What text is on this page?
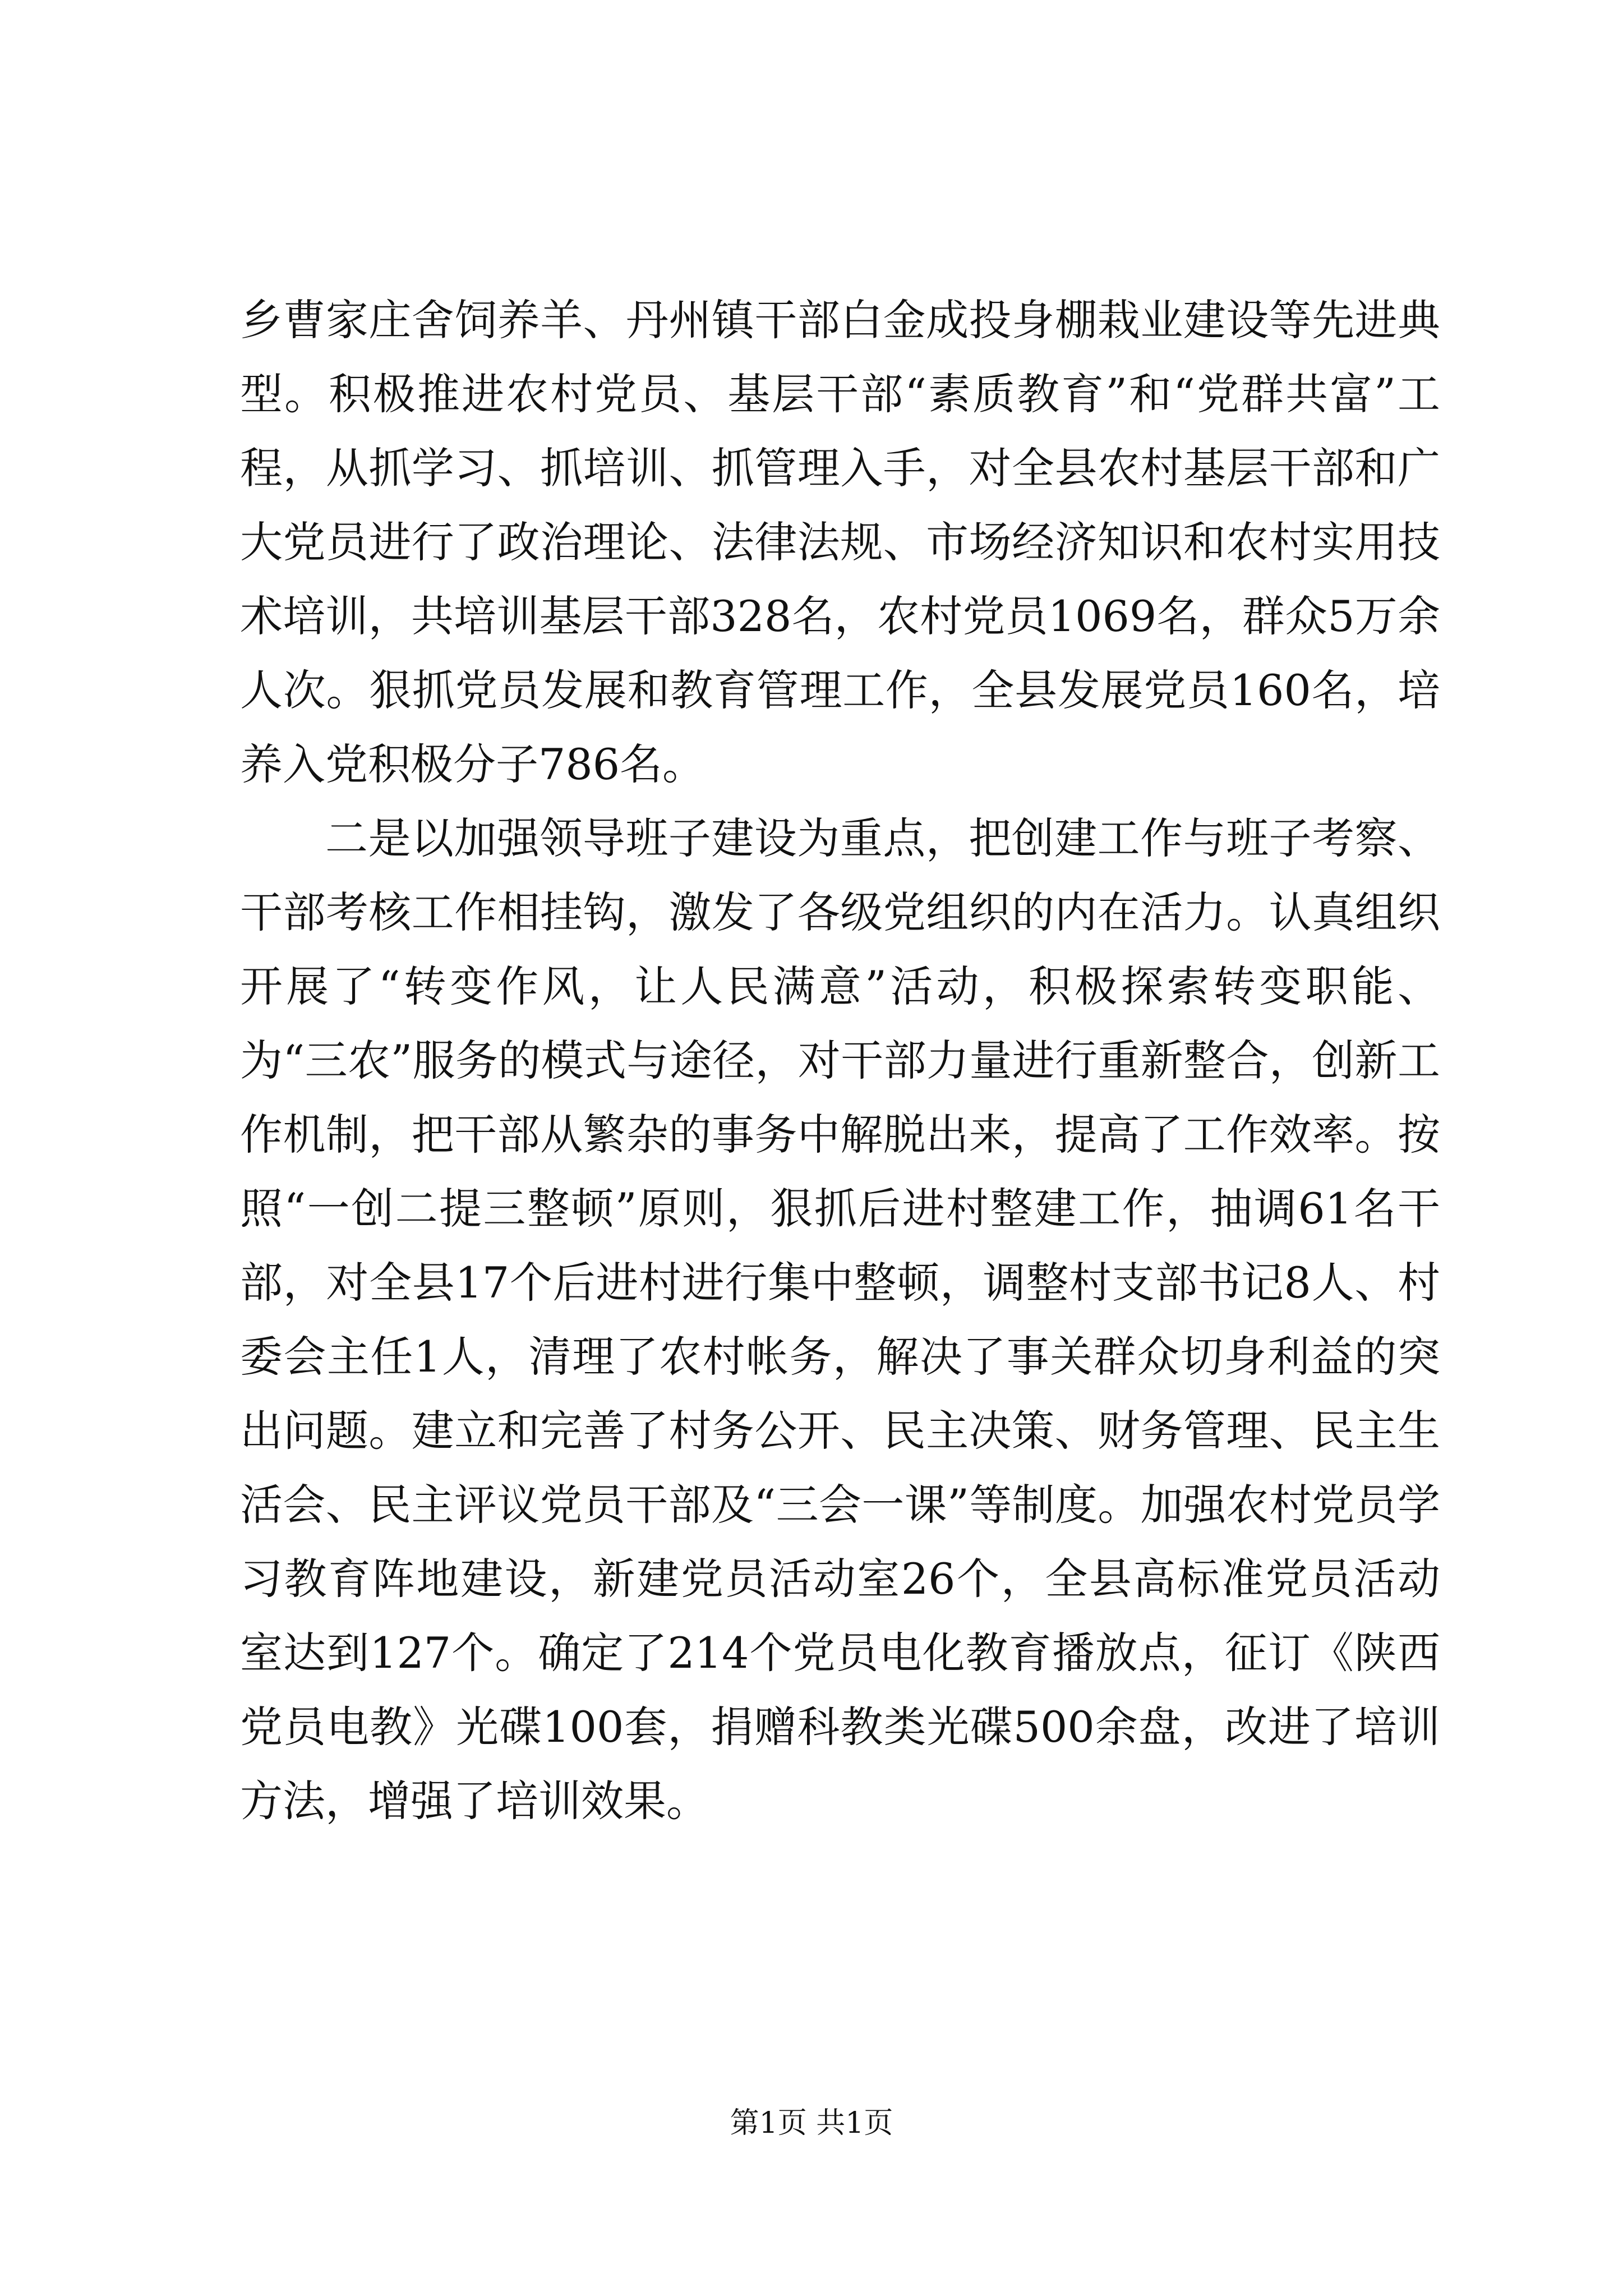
乡曹家庄舍饲养羊、丹州镇干部白金成投身棚栽业建设等先进典型。积极推进农村党员、基层干部“素质教育”和“党群共富”工程，从抓学习、抓培训、抓管理入手，对全县农村基层干部和广大党员进行了政治理论、法律法规、市场经济知识和农村实用技术培训，共培训基层干部328名，农村党员1069名，群众5万余人次。狠抓党员发展和教育管理工作，全县发展党员160名，培养入党积极分子786名。

二是以加强领导班子建设为重点，把创建工作与班子考察、干部考核工作相挂钩，激发了各级党组织的内在活力。认真组织开展了“转变作风，让人民满意”活动，积极探索转变职能、为“三农”服务的模式与途径，对干部力量进行重新整合，创新工作机制，把干部从繁杂的事务中解脱出来，提高了工作效率。按照“一创二提三整顿”原则，狠抓后进村整建工作，抽调61名干部，对全县17个后进村进行集中整顿，调整村支部书记8人、村委会主任1人，清理了农村帐务，解决了事关群众切身利益的突出问题。建立和完善了村务公开、民主决策、财务管理、民主生活会、民主评议党员干部及“三会一课”等制度。加强农村党员学习教育阵地建设，新建党员活动室26个，全县高标准党员活动室达到127个。确定了214个党员电化教育播放点，征订《陕西党员电教》光碟100套，捐赠科教类光碟500余盘，改进了培训方法，增强了培训效果。

第1页 共1页
